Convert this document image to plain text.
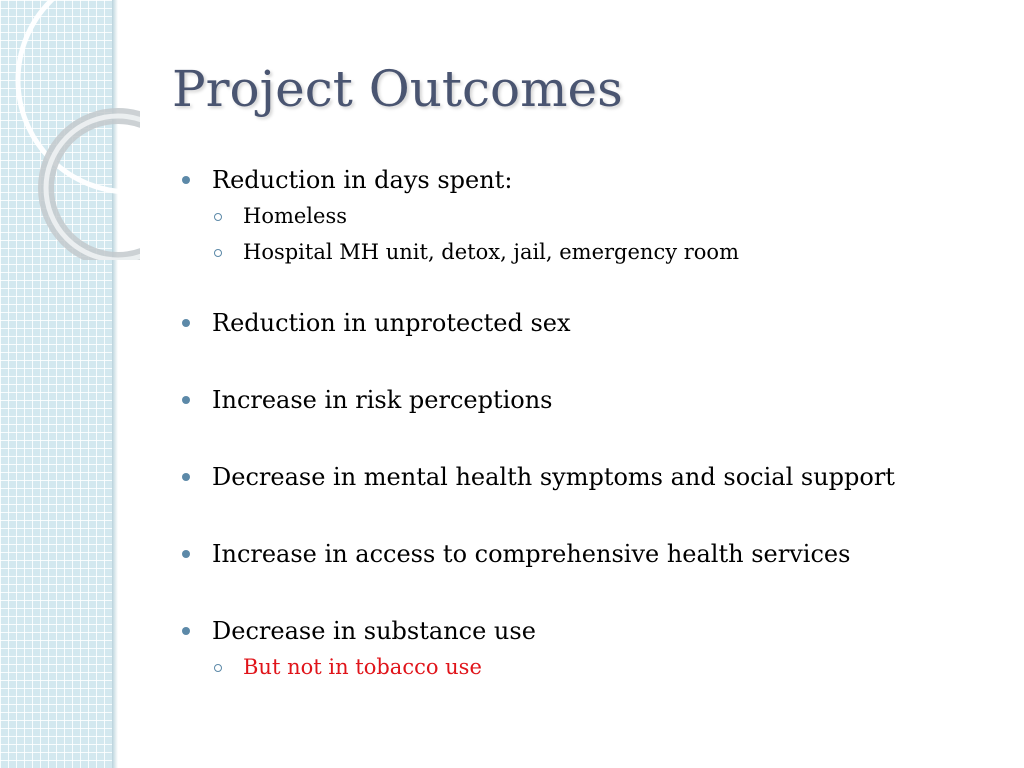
Project Outcomes
Reduction in days spent:
Homeless
Hospital MH unit, detox, jail, emergency room
Reduction in unprotected sex
Increase in risk perceptions
Decrease in mental health symptoms and social support
Increase in access to comprehensive health services
Decrease in substance use
But not in tobacco use
